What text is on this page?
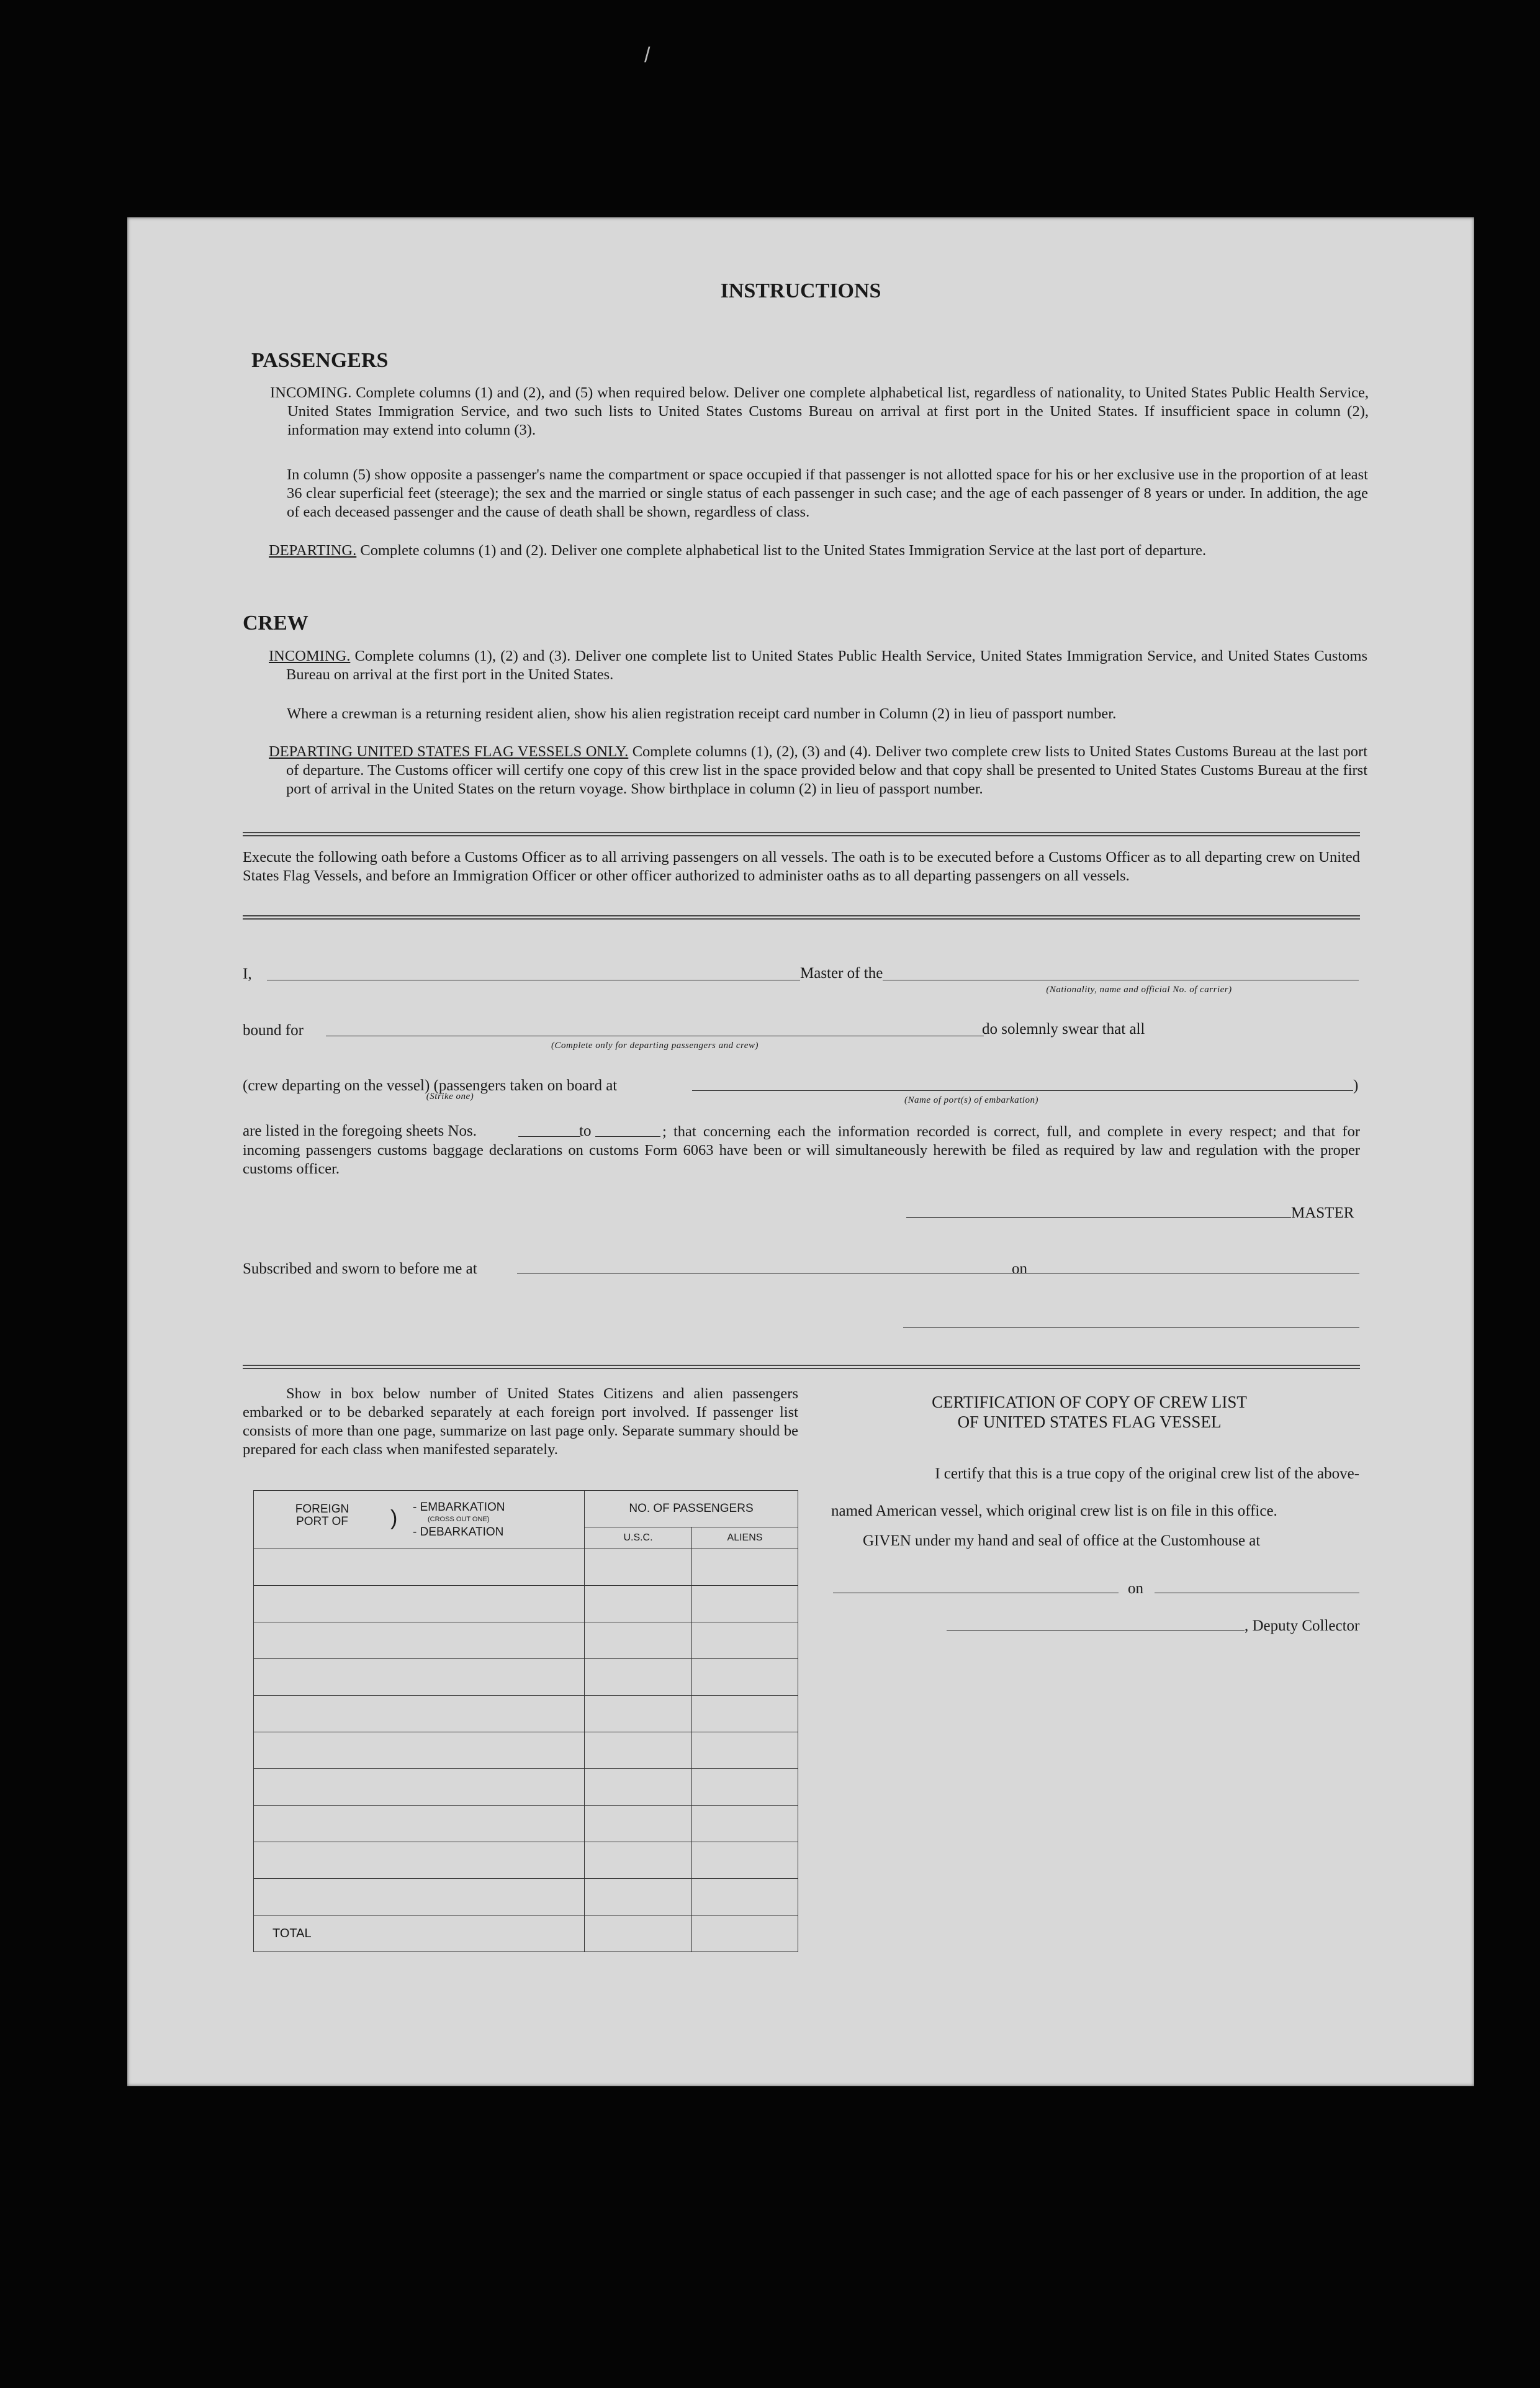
/
INSTRUCTIONS
PASSENGERS

INCOMING. Complete columns (1) and (2), and (5) when required below. Deliver one complete alphabetical list, regardless of nationality, to United States Public Health Service, United States Immigration Service, and two such lists to United States Customs Bureau on arrival at first port in the United States. If insufficient space in column (2), information may extend into column (3).

In column (5) show opposite a passenger's name the compartment or space occupied if that passenger is not allotted space for his or her exclusive use in the proportion of at least 36 clear superficial feet (steerage); the sex and the married or single status of each passenger in such case; and the age of each passenger of 8 years or under. In addition, the age of each deceased passenger and the cause of death shall be shown, regardless of class.

DEPARTING. Complete columns (1) and (2). Deliver one complete alphabetical list to the United States Immigration Service at the last port of departure.

CREW

INCOMING. Complete columns (1), (2) and (3). Deliver one complete list to United States Public Health Service, United States Immigration Service, and United States Customs Bureau on arrival at the first port in the United States.

Where a crewman is a returning resident alien, show his alien registration receipt card number in Column (2) in lieu of passport number.

DEPARTING UNITED STATES FLAG VESSELS ONLY. Complete columns (1), (2), (3) and (4). Deliver two complete crew lists to United States Customs Bureau at the last port of departure. The Customs officer will certify one copy of this crew list in the space provided below and that copy shall be presented to United States Customs Bureau at the first port of arrival in the United States on the return voyage. Show birthplace in column (2) in lieu of passport number.

Execute the following oath before a Customs Officer as to all arriving passengers on all vessels. The oath is to be executed before a Customs Officer as to all departing crew on United States Flag Vessels, and before an Immigration Officer or other officer authorized to administer oaths as to all departing passengers on all vessels.

I,	Master of the
(Nationality, name and official No. of carrier)
bound for
(Complete only for departing passengers and crew)
do solemnly swear that all
(crew departing on the vessel) (passengers taken on board at
(Strike one)	(Name of port(s) of embarkation)
)
are listed in the foregoing sheets Nos.	to	; that concerning each the information recorded is correct, full, and complete in every respect; and that for incoming passengers customs baggage declarations on customs Form 6063 have been or will simultaneously herewith be filed as required by law and regulation with the proper customs officer.

MASTER
Subscribed and sworn to before me at	on

Show in box below number of United States Citizens and alien passengers embarked or to be debarked separately at each foreign port involved. If passenger list consists of more than one page, summarize on last page only. Separate summary should be prepared for each class when manifested separately.

FOREIGN PORT OF ) - EMBARKATION
(CROSS OUT ONE)
- DEBARKATION	NO. OF PASSENGERS	
	U.S.C.	ALIENS

TOTAL		
CERTIFICATION OF COPY OF CREW LIST
OF UNITED STATES FLAG VESSEL
I certify that this is a true copy of the original crew list of the above-
named American vessel, which original crew list is on file in this office.
GIVEN under my hand and seal of office at the Customhouse at
on
, Deputy Collector
